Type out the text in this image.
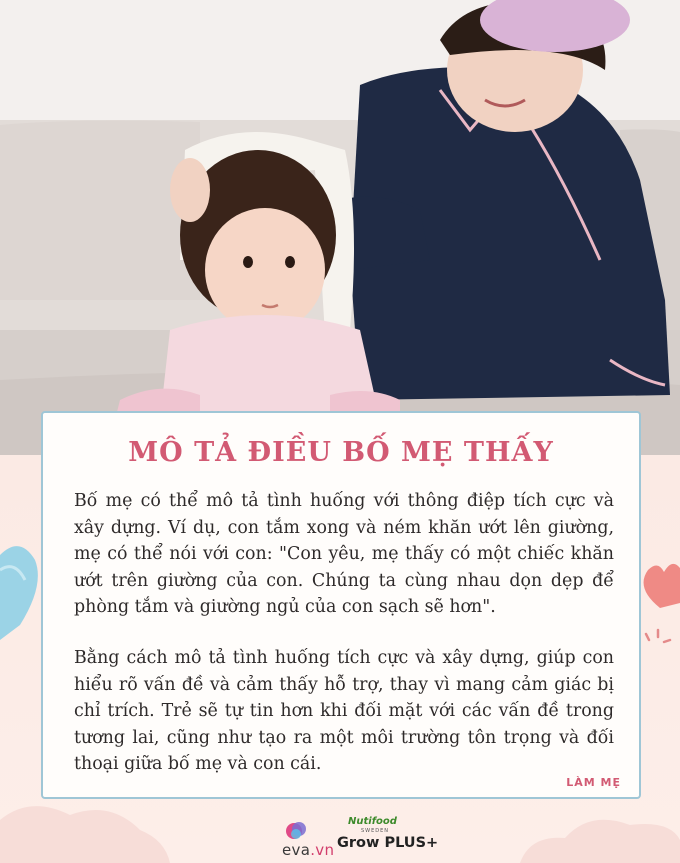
MÔ TẢ ĐIỀU BỐ MẸ THẤY
Bố mẹ có thể mô tả tình huống với thông điệp tích cực và xây dựng. Ví dụ, con tắm xong và ném khăn ướt lên giường, mẹ có thể nói với con: "Con yêu, mẹ thấy có một chiếc khăn ướt trên giường của con. Chúng ta cùng nhau dọn dẹp để phòng tắm và giường ngủ của con sạch sẽ hơn".
Bằng cách mô tả tình huống tích cực và xây dựng, giúp con hiểu rõ vấn đề và cảm thấy hỗ trợ, thay vì mang cảm giác bị chỉ trích. Trẻ sẽ tự tin hơn khi đối mặt với các vấn đề trong tương lai, cũng như tạo ra một môi trường tôn trọng và đối thoại giữa bố mẹ và con cái.
LÀM MẸ
eva.vn
Nutifood
SWEDEN
Grow PLUS+
